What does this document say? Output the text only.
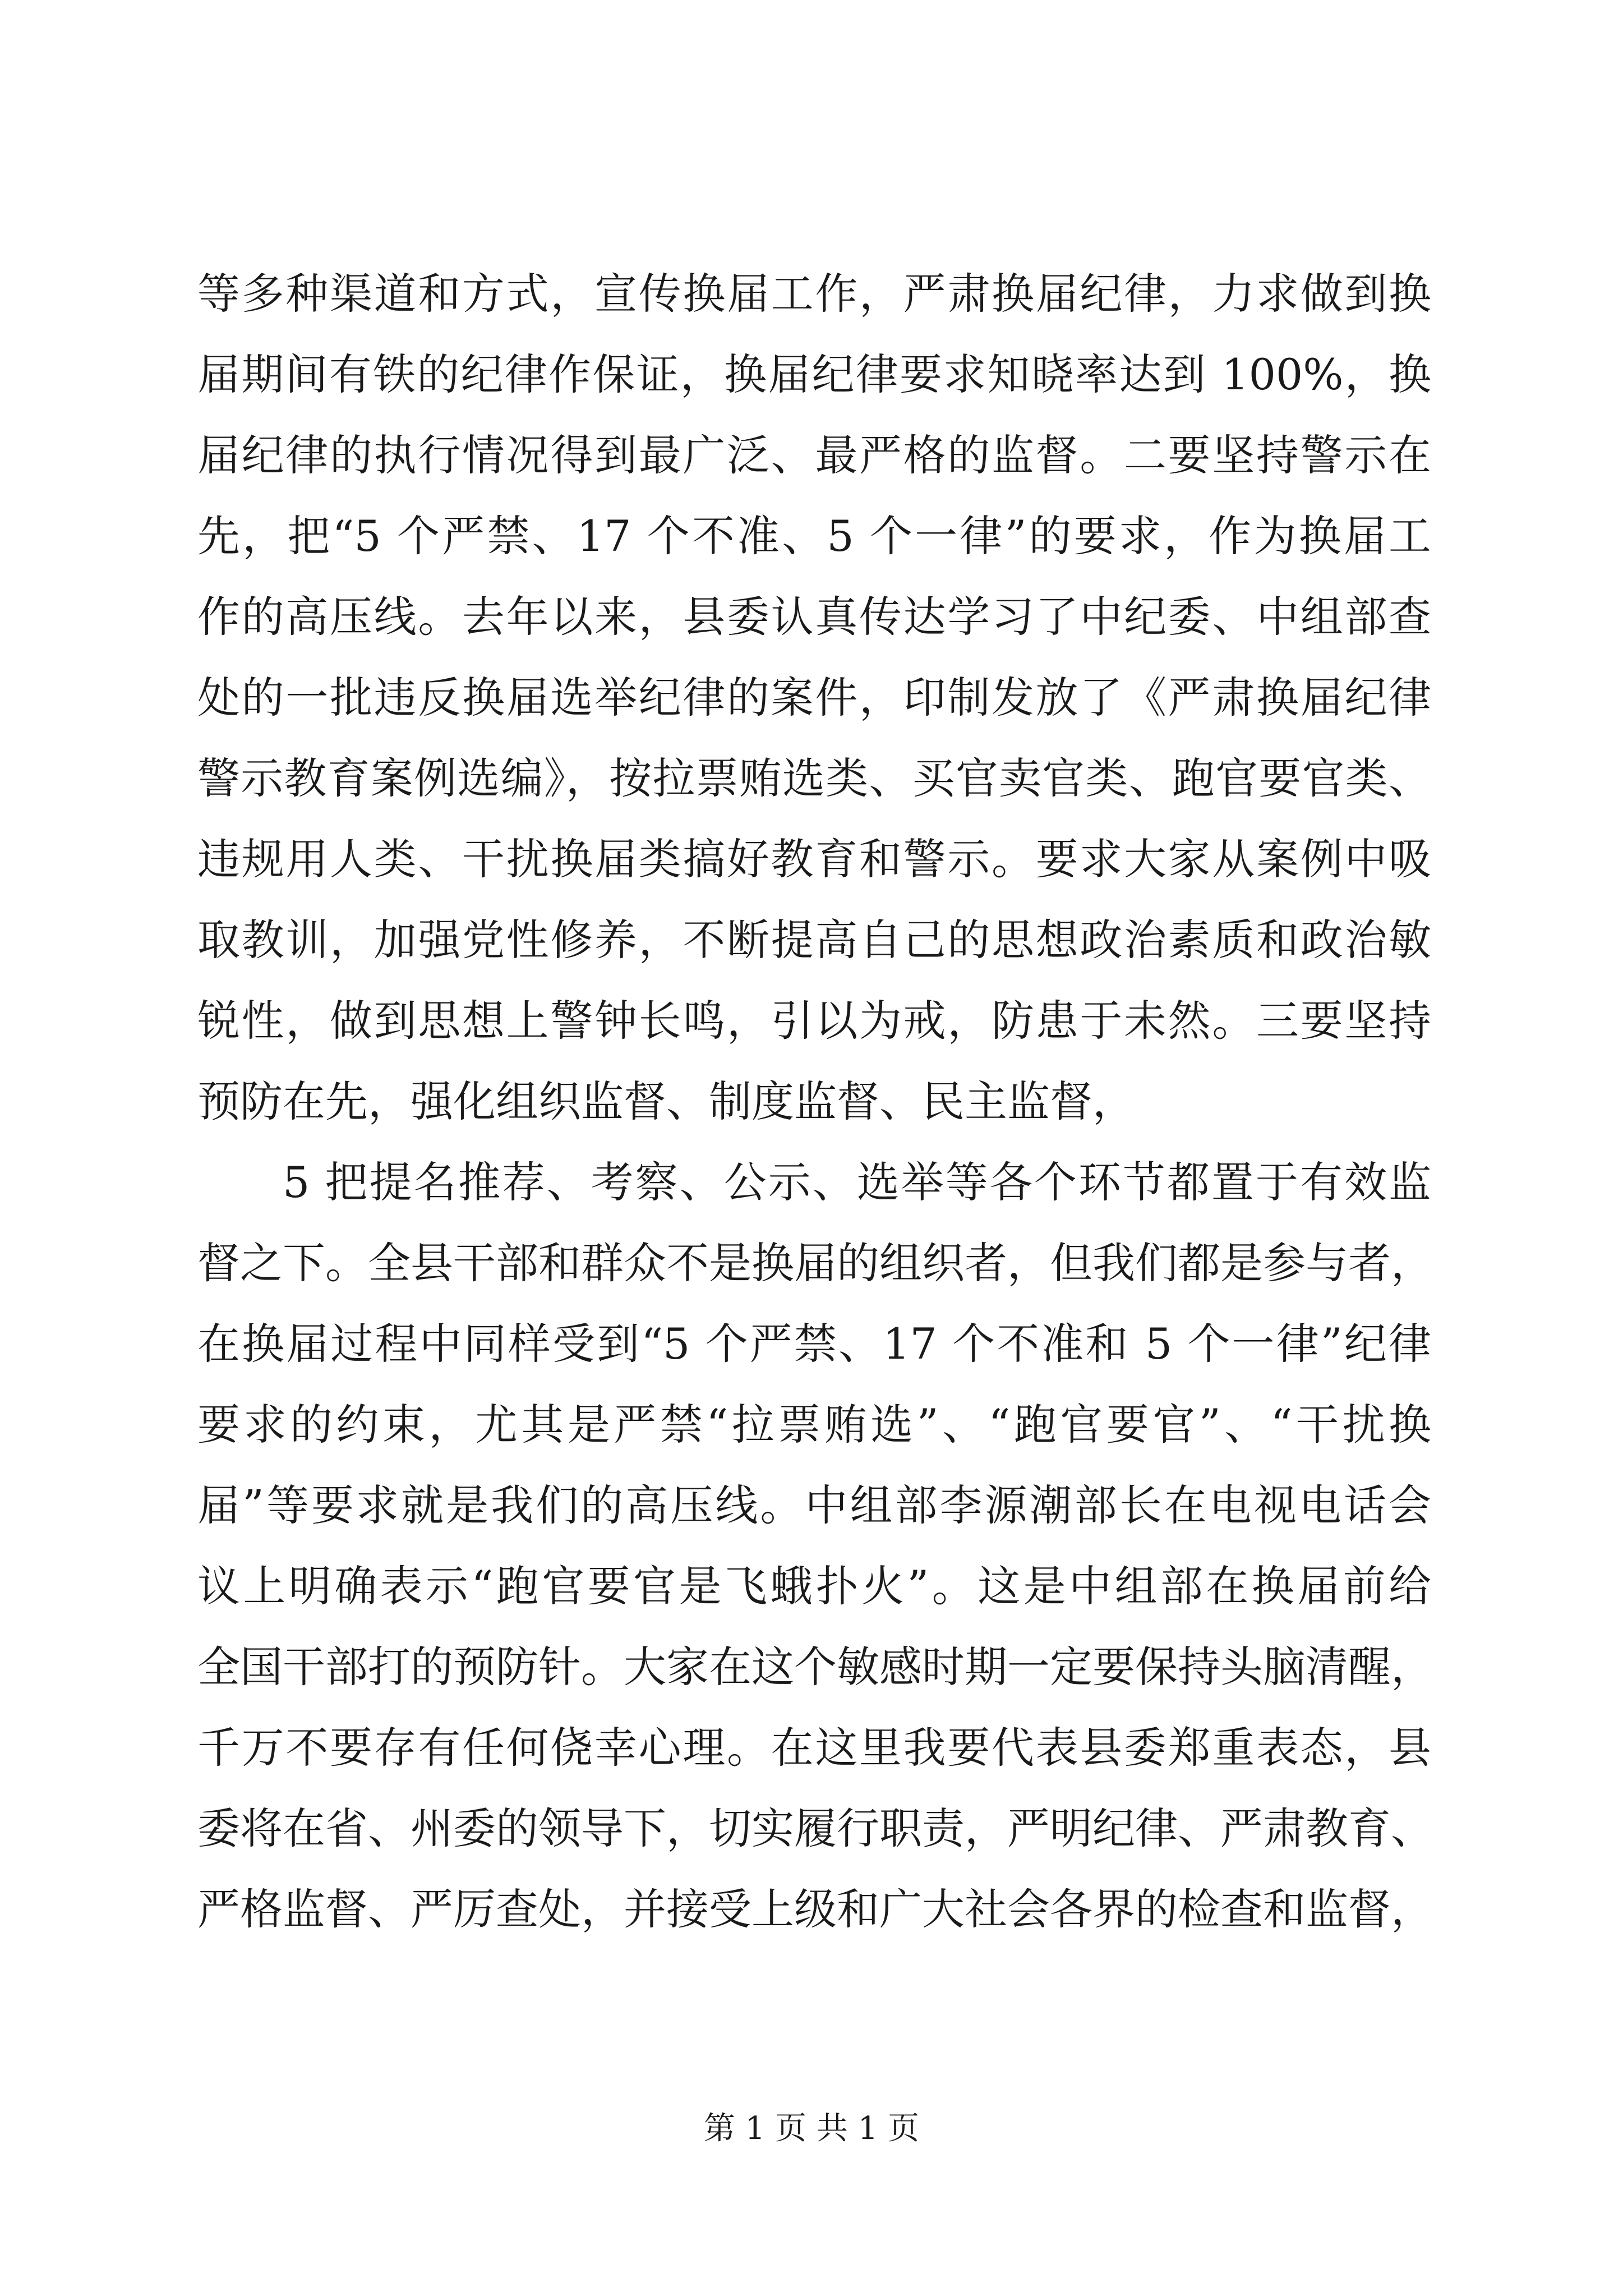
等多种渠道和方式，宣传换届工作，严肃换届纪律，力求做到换
届期间有铁的纪律作保证，换届纪律要求知晓率达到 100%，换
届纪律的执行情况得到最广泛、最严格的监督。二要坚持警示在
先，把“5 个严禁、17 个不准、5 个一律”的要求，作为换届工
作的高压线。去年以来，县委认真传达学习了中纪委、中组部查
处的一批违反换届选举纪律的案件，印制发放了《严肃换届纪律
警示教育案例选编》，按拉票贿选类、买官卖官类、跑官要官类、
违规用人类、干扰换届类搞好教育和警示。要求大家从案例中吸
取教训，加强党性修养，不断提高自己的思想政治素质和政治敏
锐性，做到思想上警钟长鸣，引以为戒，防患于未然。三要坚持
预防在先，强化组织监督、制度监督、民主监督，
5 把提名推荐、考察、公示、选举等各个环节都置于有效监
督之下。全县干部和群众不是换届的组织者，但我们都是参与者，
在换届过程中同样受到“5 个严禁、17 个不准和 5 个一律”纪律
要求的约束，尤其是严禁“拉票贿选”、“跑官要官”、“干扰换
届”等要求就是我们的高压线。中组部李源潮部长在电视电话会
议上明确表示“跑官要官是飞蛾扑火”。这是中组部在换届前给
全国干部打的预防针。大家在这个敏感时期一定要保持头脑清醒，
千万不要存有任何侥幸心理。在这里我要代表县委郑重表态，县
委将在省、州委的领导下，切实履行职责，严明纪律、严肃教育、
严格监督、严厉查处，并接受上级和广大社会各界的检查和监督，
第 1 页 共 1 页
